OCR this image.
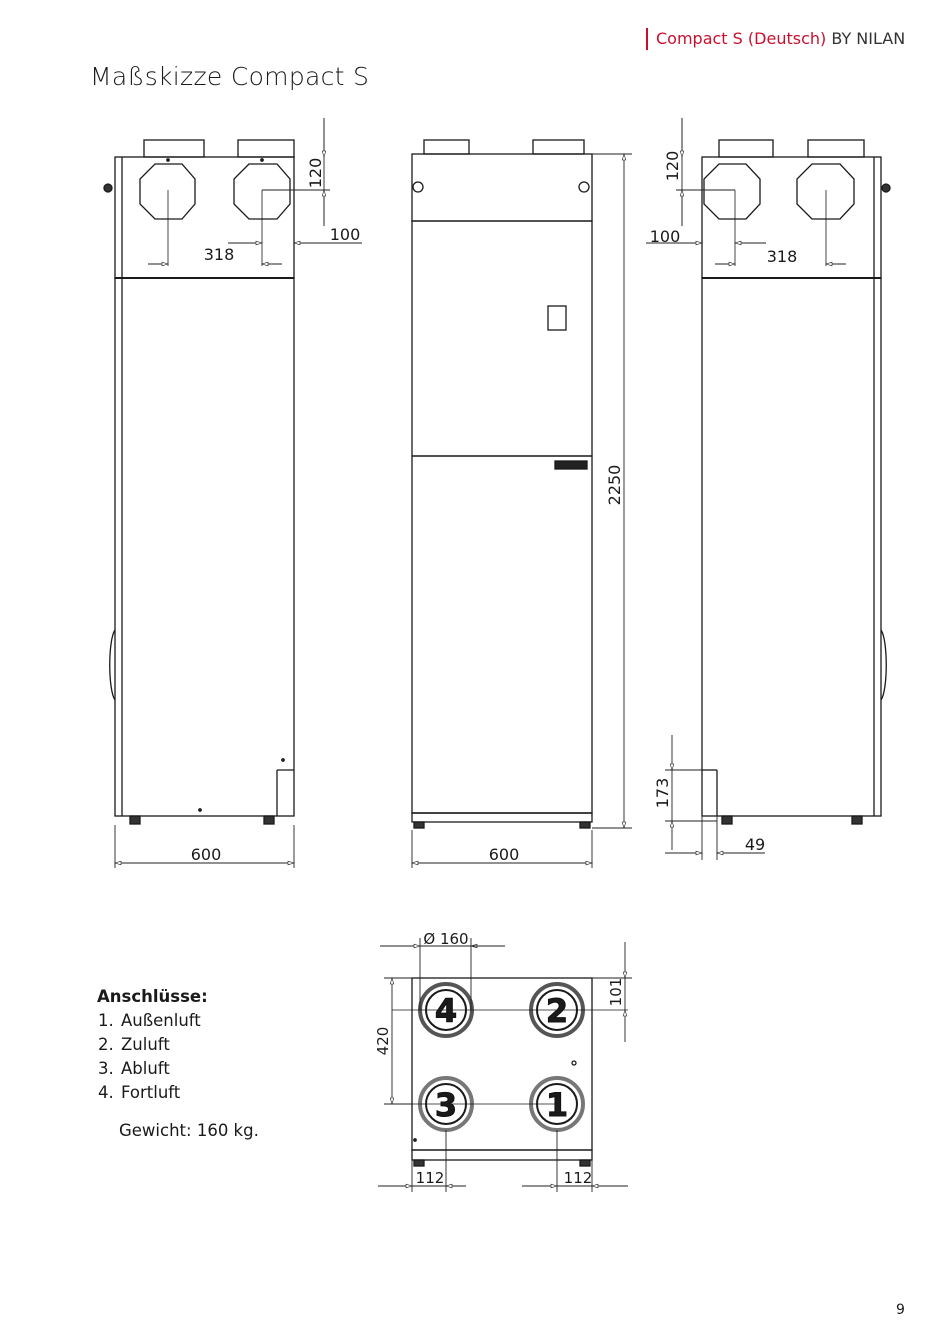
Compact S (Deutsch) BY NILAN
Maßskizze Compact S
120
100
318
600
2250
600
120
100
318
173
49
Ø 160
101
420
112	112
4	2
3	1
Anschlüsse:
1. Außenluft
2. Zuluft
3. Abluft
4. Fortluft
Gewicht: 160 kg.
9
